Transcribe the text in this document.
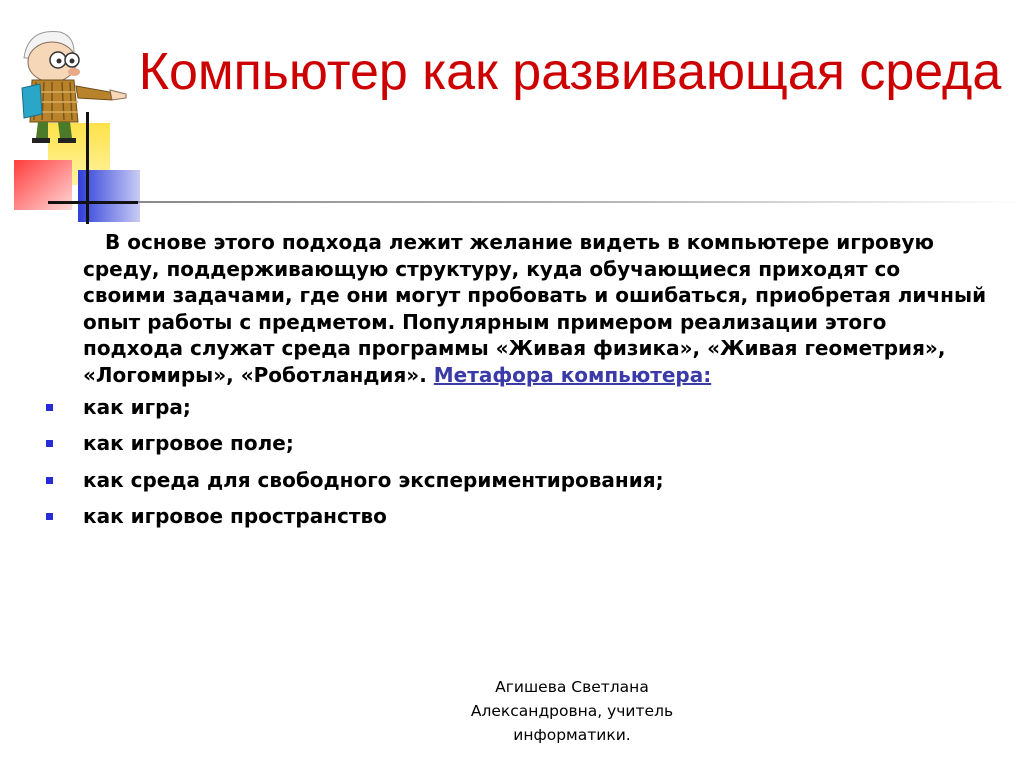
Компьютер как развивающая среда

В основе этого подхода лежит желание видеть в компьютере игровую среду, поддерживающую структуру, куда обучающиеся приходят со своими задачами, где они могут пробовать и ошибаться, приобретая личный опыт работы с предметом. Популярным примером реализации этого подхода служат среда программы «Живая физика», «Живая геометрия», «Логомиры», «Роботландия». Метафора компьютера:

как игра;
как игровое поле;
как среда для свободного экспериментирования;
как игровое пространство
Агишева Светлана
Александровна, учитель
информатики.
